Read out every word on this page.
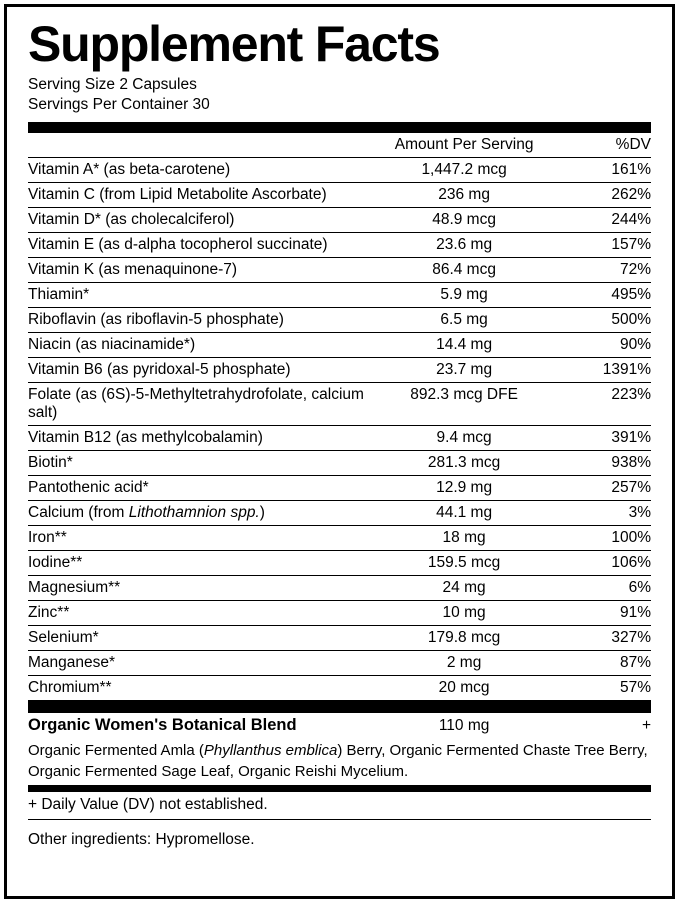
Supplement Facts
Serving Size 2 Capsules
Servings Per Container 30
	Amount Per Serving	%DV
Vitamin A* (as beta-carotene)	1,447.2 mcg	161%
Vitamin C (from Lipid Metabolite Ascorbate)	236 mg	262%
Vitamin D* (as cholecalciferol)	48.9 mcg	244%
Vitamin E (as d-alpha tocopherol succinate)	23.6 mg	157%
Vitamin K (as menaquinone-7)	86.4 mcg	72%
Thiamin*	5.9 mg	495%
Riboflavin (as riboflavin-5 phosphate)	6.5 mg	500%
Niacin (as niacinamide*)	14.4 mg	90%
Vitamin B6 (as pyridoxal-5 phosphate)	23.7 mg	1391%
Folate (as (6S)-5-Methyltetrahydrofolate, calcium salt)	892.3 mcg DFE	223%
Vitamin B12 (as methylcobalamin)	9.4 mcg	391%
Biotin*	281.3 mcg	938%
Pantothenic acid*	12.9 mg	257%
Calcium (from Lithothamnion spp.)	44.1 mg	3%
Iron**	18 mg	100%
Iodine**	159.5 mcg	106%
Magnesium**	24 mg	6%
Zinc**	10 mg	91%
Selenium*	179.8 mcg	327%
Manganese*	2 mg	87%
Chromium**	20 mcg	57%

Organic Women's Botanical Blend	110 mg	+
Organic Fermented Amla (Phyllanthus emblica) Berry, Organic Fermented Chaste Tree Berry, Organic Fermented Sage Leaf, Organic Reishi Mycelium.		
+ Daily Value (DV) not established.
Other ingredients: Hypromellose.
